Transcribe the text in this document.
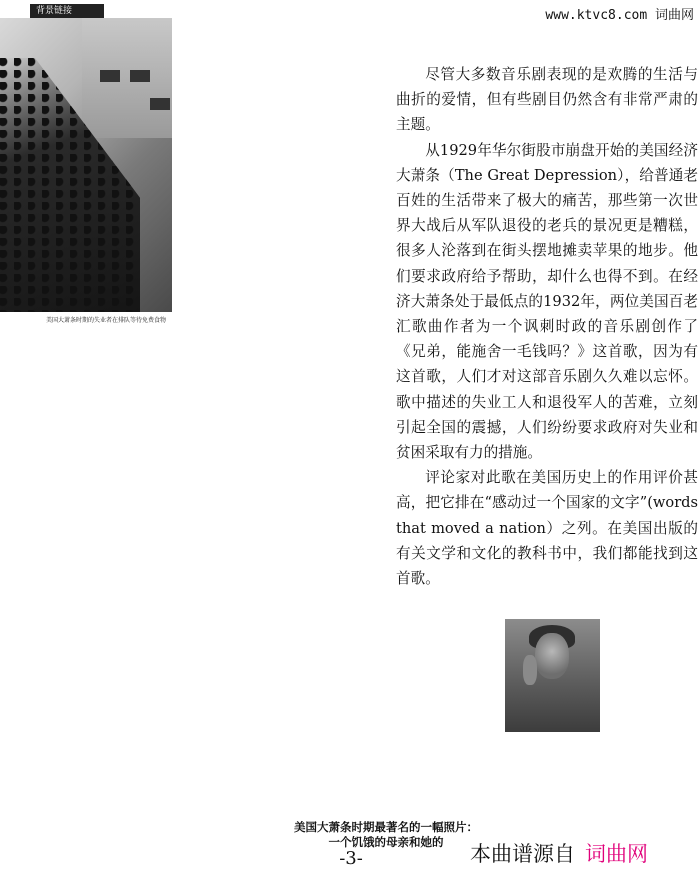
背景链接	www.ktvc8.com 词曲网
美国大萧条时期的失业者在排队等待免费食物

尽管大多数音乐剧表现的是欢腾的生活与曲折的爱情，但有些剧目仍然含有非常严肃的主题。

从1929年华尔街股市崩盘开始的美国经济大萧条（The Great Depression），给普通老百姓的生活带来了极大的痛苦，那些第一次世界大战后从军队退役的老兵的景况更是糟糕，很多人沦落到在街头摆地摊卖苹果的地步。他们要求政府给予帮助，却什么也得不到。在经济大萧条处于最低点的1932年，两位美国百老汇歌曲作者为一个讽刺时政的音乐剧创作了《兄弟，能施舍一毛钱吗？》这首歌，因为有这首歌，人们才对这部音乐剧久久难以忘怀。歌中描述的失业工人和退役军人的苦难，立刻引起全国的震撼，人们纷纷要求政府对失业和贫困采取有力的措施。

评论家对此歌在美国历史上的作用评价甚高，把它排在“感动过一个国家的文字”(words that moved a nation）之列。在美国出版的有关文学和文化的教科书中，我们都能找到这首歌。

美国大萧条时期最著名的一幅照片：
一个饥饿的母亲和她的
-3-	本曲谱源自 词曲网
